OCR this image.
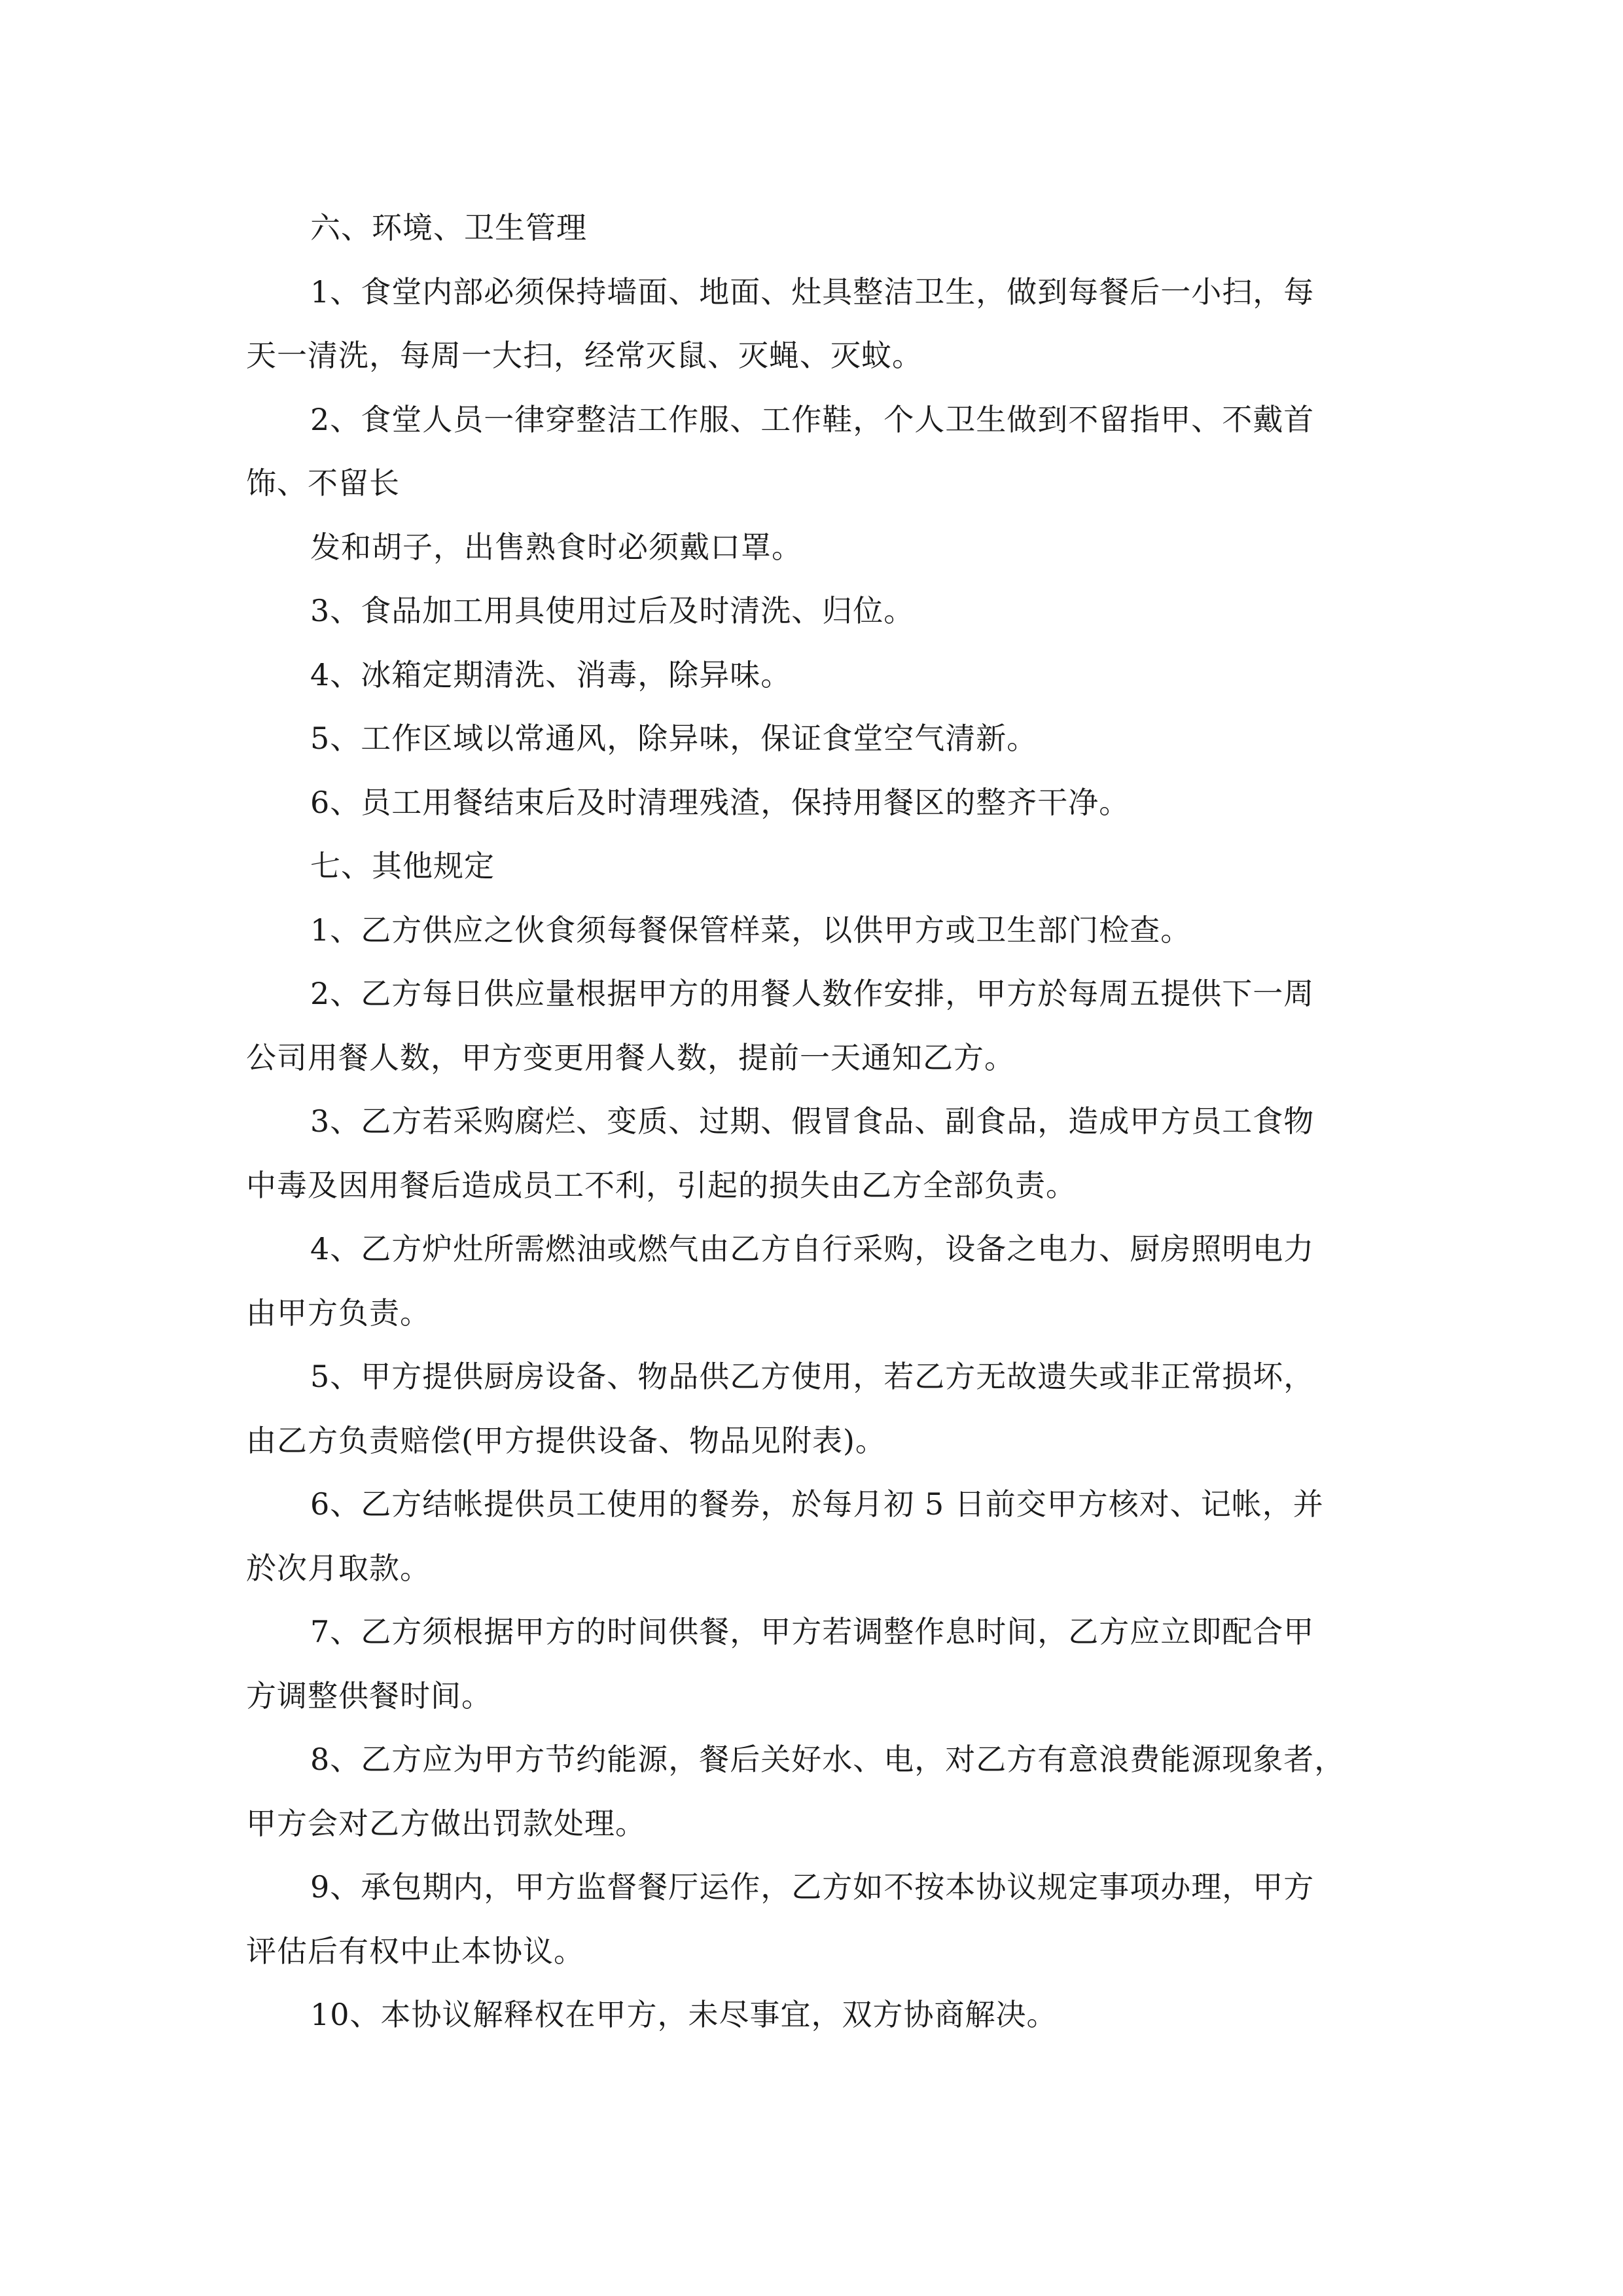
六、环境、卫生管理
1、食堂内部必须保持墙面、地面、灶具整洁卫生，做到每餐后一小扫，每
天一清洗，每周一大扫，经常灭鼠、灭蝇、灭蚊。
2、食堂人员一律穿整洁工作服、工作鞋，个人卫生做到不留指甲、不戴首
饰、不留长
发和胡子，出售熟食时必须戴口罩。
3、食品加工用具使用过后及时清洗、归位。
4、冰箱定期清洗、消毒，除异味。
5、工作区域以常通风，除异味，保证食堂空气清新。
6、员工用餐结束后及时清理残渣，保持用餐区的整齐干净。
七、其他规定
1、乙方供应之伙食须每餐保管样菜，以供甲方或卫生部门检查。
2、乙方每日供应量根据甲方的用餐人数作安排，甲方於每周五提供下一周
公司用餐人数，甲方变更用餐人数，提前一天通知乙方。
3、乙方若采购腐烂、变质、过期、假冒食品、副食品，造成甲方员工食物
中毒及因用餐后造成员工不利，引起的损失由乙方全部负责。
4、乙方炉灶所需燃油或燃气由乙方自行采购，设备之电力、厨房照明电力
由甲方负责。
5、甲方提供厨房设备、物品供乙方使用，若乙方无故遗失或非正常损坏，
由乙方负责赔偿(甲方提供设备、物品见附表)。
6、乙方结帐提供员工使用的餐券，於每月初 5 日前交甲方核对、记帐，并
於次月取款。
7、乙方须根据甲方的时间供餐，甲方若调整作息时间，乙方应立即配合甲
方调整供餐时间。
8、乙方应为甲方节约能源，餐后关好水、电，对乙方有意浪费能源现象者，
甲方会对乙方做出罚款处理。
9、承包期内，甲方监督餐厅运作，乙方如不按本协议规定事项办理，甲方
评估后有权中止本协议。
10、本协议解释权在甲方，未尽事宜，双方协商解决。
